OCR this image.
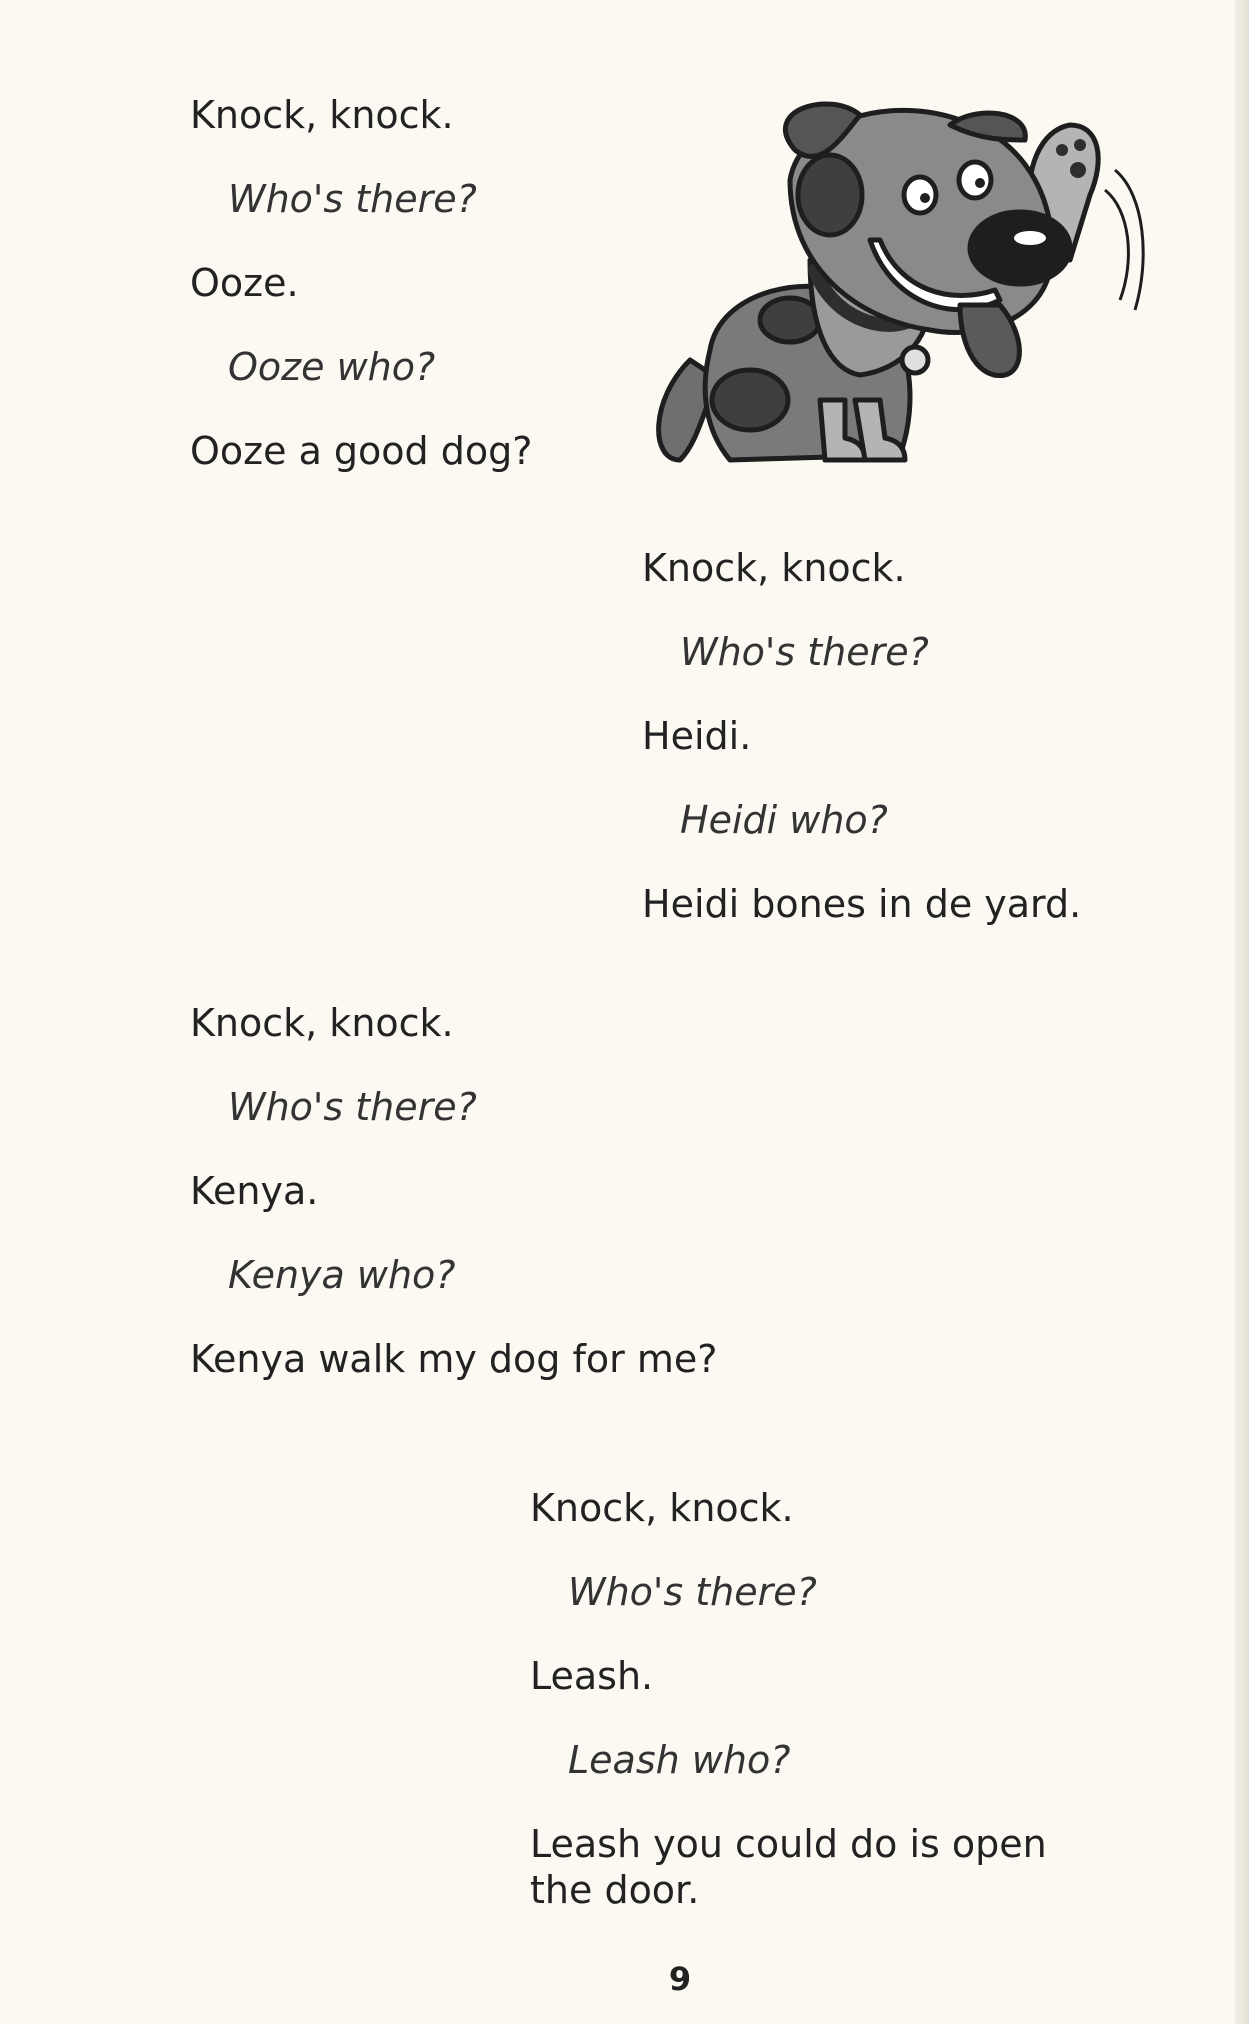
Knock, knock.
Who's there?
Ooze.
Ooze who?
Ooze a good dog?
Knock, knock.
Who's there?
Heidi.
Heidi who?
Heidi bones in de yard.
Knock, knock.
Who's there?
Kenya.
Kenya who?
Kenya walk my dog for me?
Knock, knock.
Who's there?
Leash.
Leash who?
Leash you could do is open the door.
9
